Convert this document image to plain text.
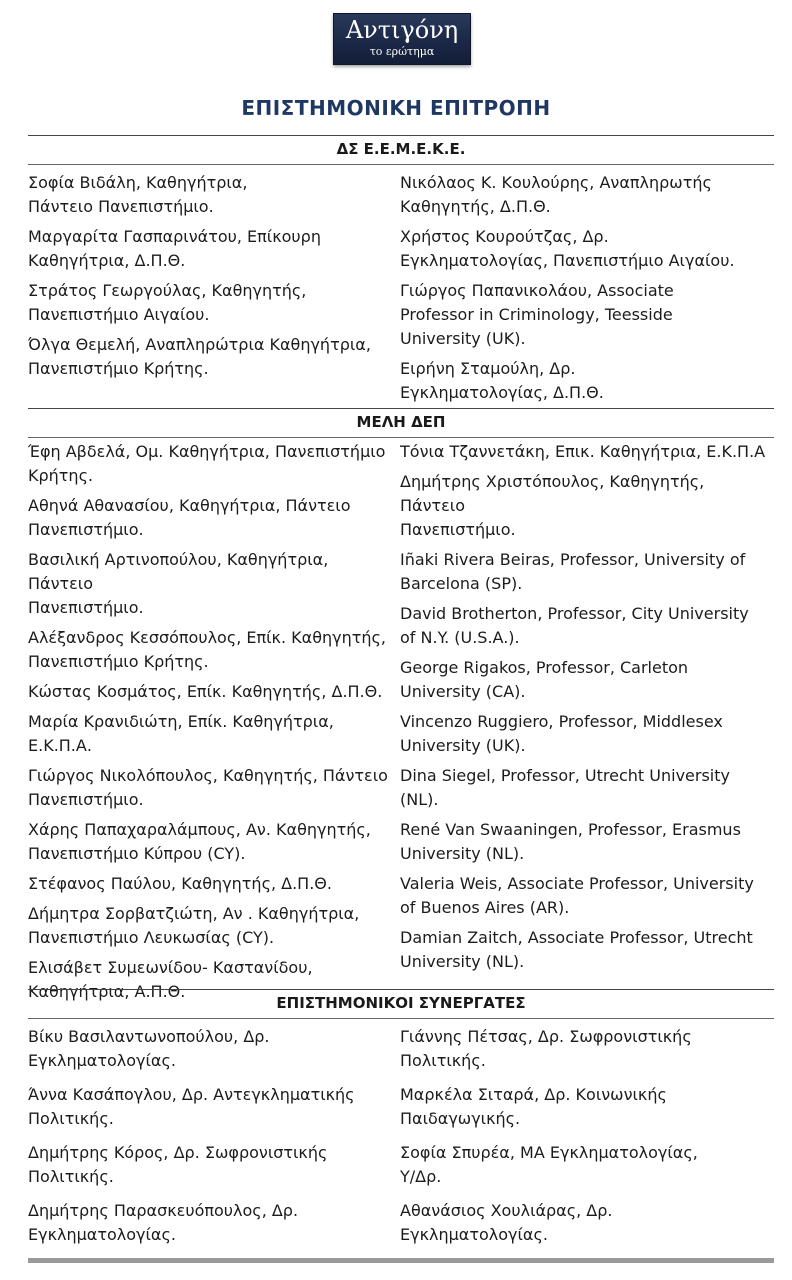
Αντιγόνη
το ερώτημα
ΕΠΙΣΤΗΜΟΝΙΚΗ ΕΠΙΤΡΟΠΗ
ΔΣ Ε.Ε.Μ.Ε.Κ.Ε.
Σοφία Βιδάλη, Καθηγήτρια,
Πάντειο Πανεπιστήμιο.
Μαργαρίτα Γασπαρινάτου, Επίκουρη
Καθηγήτρια, Δ.Π.Θ.
Στράτος Γεωργούλας, Καθηγητής,
Πανεπιστήμιο Αιγαίου.
Όλγα Θεμελή, Αναπληρώτρια Καθηγήτρια,
Πανεπιστήμιο Κρήτης.
Νικόλαος Κ. Κουλούρης, Αναπληρωτής
Καθηγητής, Δ.Π.Θ.
Χρήστος Κουρούτζας, Δρ.
Εγκληματολογίας, Πανεπιστήμιο Αιγαίου.
Γιώργος Παπανικολάου, Associate
Professor in Criminology, Teesside
University (UK).
Ειρήνη Σταμούλη, Δρ.
Εγκληματολογίας, Δ.Π.Θ.
ΜΕΛΗ ΔΕΠ
Έφη Αβδελά, Ομ. Καθηγήτρια, Πανεπιστήμιο
Κρήτης.
Αθηνά Αθανασίου, Καθηγήτρια, Πάντειο
Πανεπιστήμιο.
Βασιλική Αρτινοπούλου, Καθηγήτρια, Πάντειο
Πανεπιστήμιο.
Αλέξανδρος Κεσσόπουλος, Επίκ. Καθηγητής,
Πανεπιστήμιο Κρήτης.
Κώστας Κοσμάτος, Επίκ. Καθηγητής, Δ.Π.Θ.
Μαρία Κρανιδιώτη, Επίκ. Καθηγήτρια,
Ε.Κ.Π.Α.
Γιώργος Νικολόπουλος, Καθηγητής, Πάντειο
Πανεπιστήμιο.
Χάρης Παπαχαραλάμπους, Αν. Καθηγητής,
Πανεπιστήμιο Κύπρου (CY).
Στέφανος Παύλου, Καθηγητής, Δ.Π.Θ.
Δήμητρα Σορβατζιώτη, Αν . Καθηγήτρια,
Πανεπιστήμιο Λευκωσίας (CY).
Ελισάβετ Συμεωνίδου- Καστανίδου,
Καθηγήτρια, Α.Π.Θ.
Τόνια Τζαννετάκη, Επικ. Καθηγήτρια, Ε.Κ.Π.Α
Δημήτρης Χριστόπουλος, Καθηγητής, Πάντειο
Πανεπιστήμιο.
Iñaki Rivera Beiras, Professor, University of
Barcelona (SP).
David Brotherton, Professor, City University
of N.Y. (U.S.A.).
George Rigakos, Professor, Carleton
University (CA).
Vincenzo Ruggiero, Professor, Middlesex
University (UK).
Dina Siegel, Professor, Utrecht University
(NL).
René Van Swaaningen, Professor, Erasmus
University (NL).
Valeria Weis, Associate Professor, University
of Buenos Aires (AR).
Damian Zaitch, Associate Professor, Utrecht
University (NL).
ΕΠΙΣΤΗΜΟΝΙΚΟΙ ΣΥΝΕΡΓΑΤΕΣ
Βίκυ Βασιλαντωνοπούλου, Δρ.
Εγκληματολογίας.
Άννα Κασάπογλου, Δρ. Αντεγκληματικής
Πολιτικής.
Δημήτρης Κόρος, Δρ. Σωφρονιστικής
Πολιτικής.
Δημήτρης Παρασκευόπουλος, Δρ.
Εγκληματολογίας.
Γιάννης Πέτσας, Δρ. Σωφρονιστικής
Πολιτικής.
Μαρκέλα Σιταρά, Δρ. Κοινωνικής
Παιδαγωγικής.
Σοφία Σπυρέα, ΜΑ Εγκληματολογίας,
Υ/Δρ.
Αθανάσιος Χουλιάρας, Δρ.
Εγκληματολογίας.
